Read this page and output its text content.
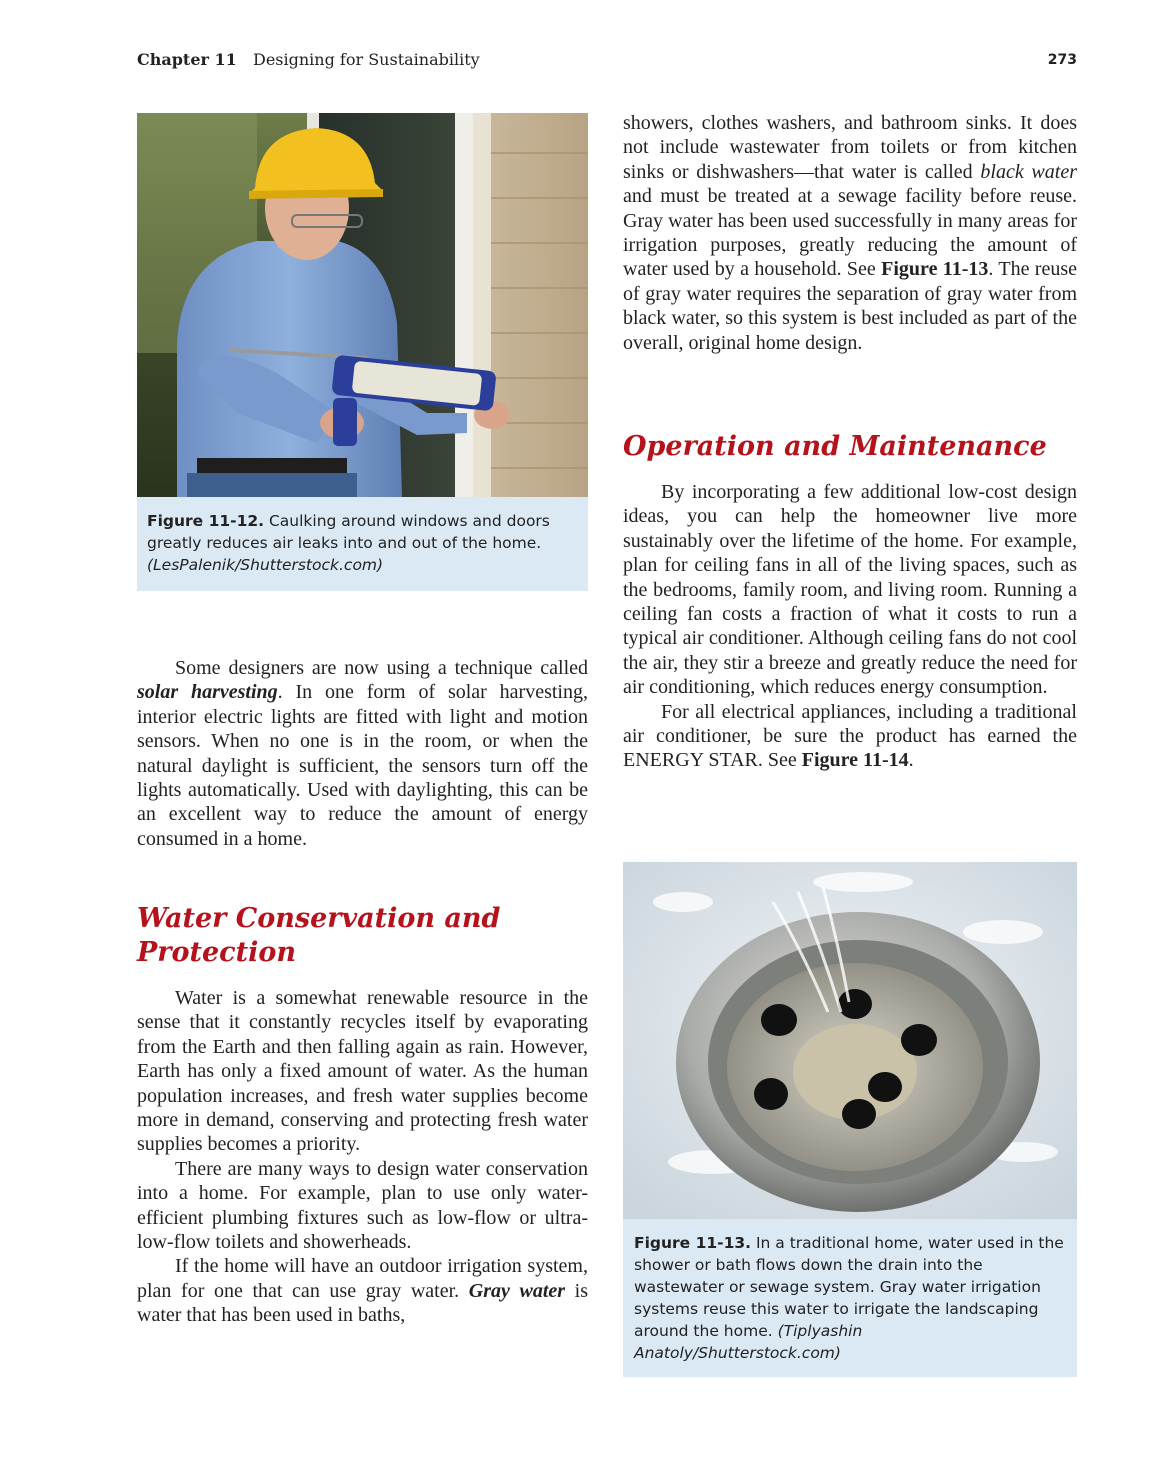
Chapter 11 Designing for Sustainability	273
Figure 11-12. Caulking around windows and doors greatly reduces air leaks into and out of the home. (LesPalenik/Shutterstock.com)

Some designers are now using a technique called solar harvesting. In one form of solar harvesting, interior electric lights are fitted with light and motion sensors. When no one is in the room, or when the natural daylight is sufficient, the sensors turn off the lights automatically. Used with daylighting, this can be an excellent way to reduce the amount of energy consumed in a home.

Water Conservation and
Protection

Water is a somewhat renewable resource in the sense that it constantly recycles itself by evaporating from the Earth and then falling again as rain. However, Earth has only a fixed amount of water. As the human population increases, and fresh water supplies become more in demand, conserving and protecting fresh water supplies becomes a priority.

There are many ways to design water conservation into a home. For example, plan to use only water-efficient plumbing fixtures such as low-flow or ultra-low-flow toilets and showerheads.

If the home will have an outdoor irrigation system, plan for one that can use gray water. Gray water is water that has been used in baths,

showers, clothes washers, and bathroom sinks. It does not include wastewater from toilets or from kitchen sinks or dishwashers—that water is called black water and must be treated at a sewage facility before reuse. Gray water has been used successfully in many areas for irrigation purposes, greatly reducing the amount of water used by a household. See Figure 11-13. The reuse of gray water requires the separation of gray water from black water, so this system is best included as part of the overall, original home design.

Operation and Maintenance

By incorporating a few additional low-cost design ideas, you can help the homeowner live more sustainably over the lifetime of the home. For example, plan for ceiling fans in all of the living spaces, such as the bedrooms, family room, and living room. Running a ceiling fan costs a fraction of what it costs to run a typical air conditioner. Although ceiling fans do not cool the air, they stir a breeze and greatly reduce the need for air conditioning, which reduces energy consumption.

For all electrical appliances, including a traditional air conditioner, be sure the product has earned the ENERGY STAR. See Figure 11-14.

Figure 11-13. In a traditional home, water used in the shower or bath flows down the drain into the wastewater or sewage system. Gray water irrigation systems reuse this water to irrigate the landscaping around the home. (Tiplyashin Anatoly/Shutterstock.com)
